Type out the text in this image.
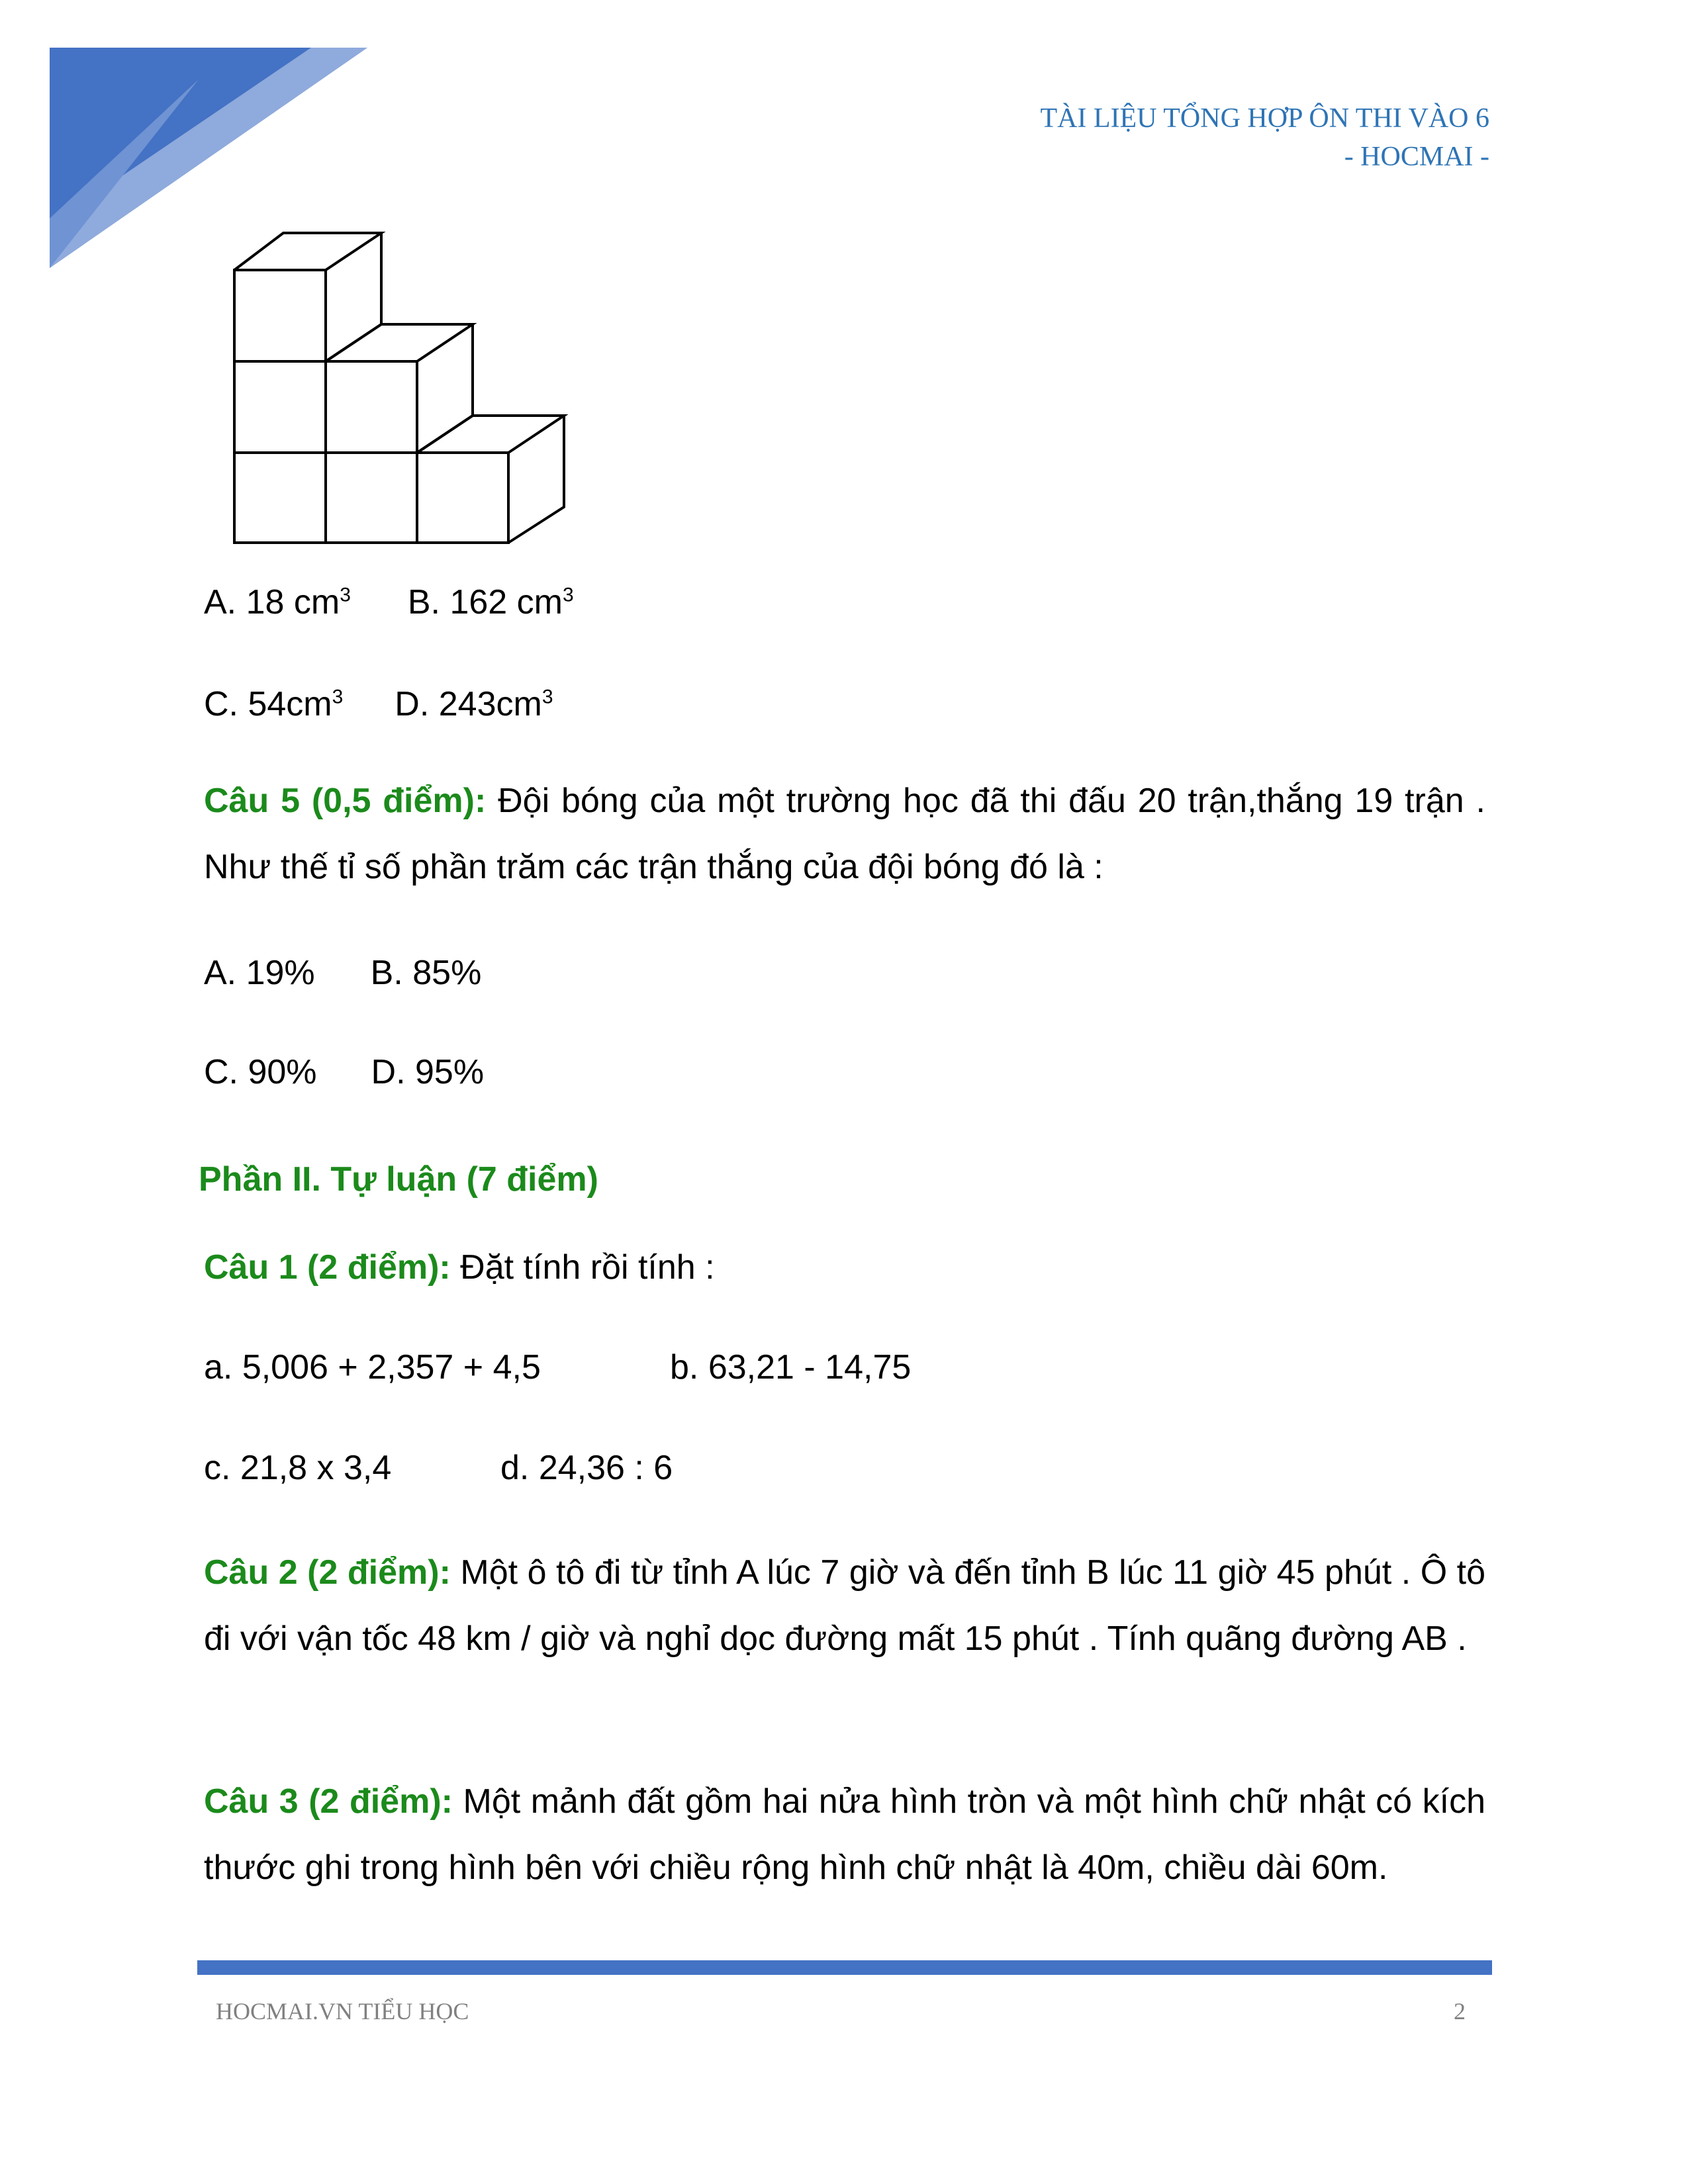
TÀI LIỆU TỔNG HỢP ÔN THI VÀO 6
- HOCMAI -
A. 18 $cm^3$ B. 162 $cm^3$
C. $54cm^3$ D. $243cm^3$
Câu 5 (0,5 điểm): Đội bóng của một trường học đã thi đấu 20 trận,thắng 19 trận . Như thế tỉ số phần trăm các trận thắng của đội bóng đó là :
A. 19% B. 85%
C. 90% D. 95%
Phần II. Tự luận (7 điểm)
Câu 1 (2 điểm): Đặt tính rồi tính :
a. 5,006 + 2,357 + 4,5	b. 63,21 - 14,75
c. 21,8 x 3,4	d. 24,36 : 6
Câu 2 (2 điểm): Một ô tô đi từ tỉnh A lúc 7 giờ và đến tỉnh B lúc 11 giờ 45 phút . Ô tô đi với vận tốc 48 km / giờ và nghỉ dọc đường mất 15 phút . Tính quãng đường AB .
Câu 3 (2 điểm): Một mảnh đất gồm hai nửa hình tròn và một hình chữ nhật có kích thước ghi trong hình bên với chiều rộng hình chữ nhật là 40m, chiều dài 60m.
HOCMAI.VN TIỂU HỌC	2
